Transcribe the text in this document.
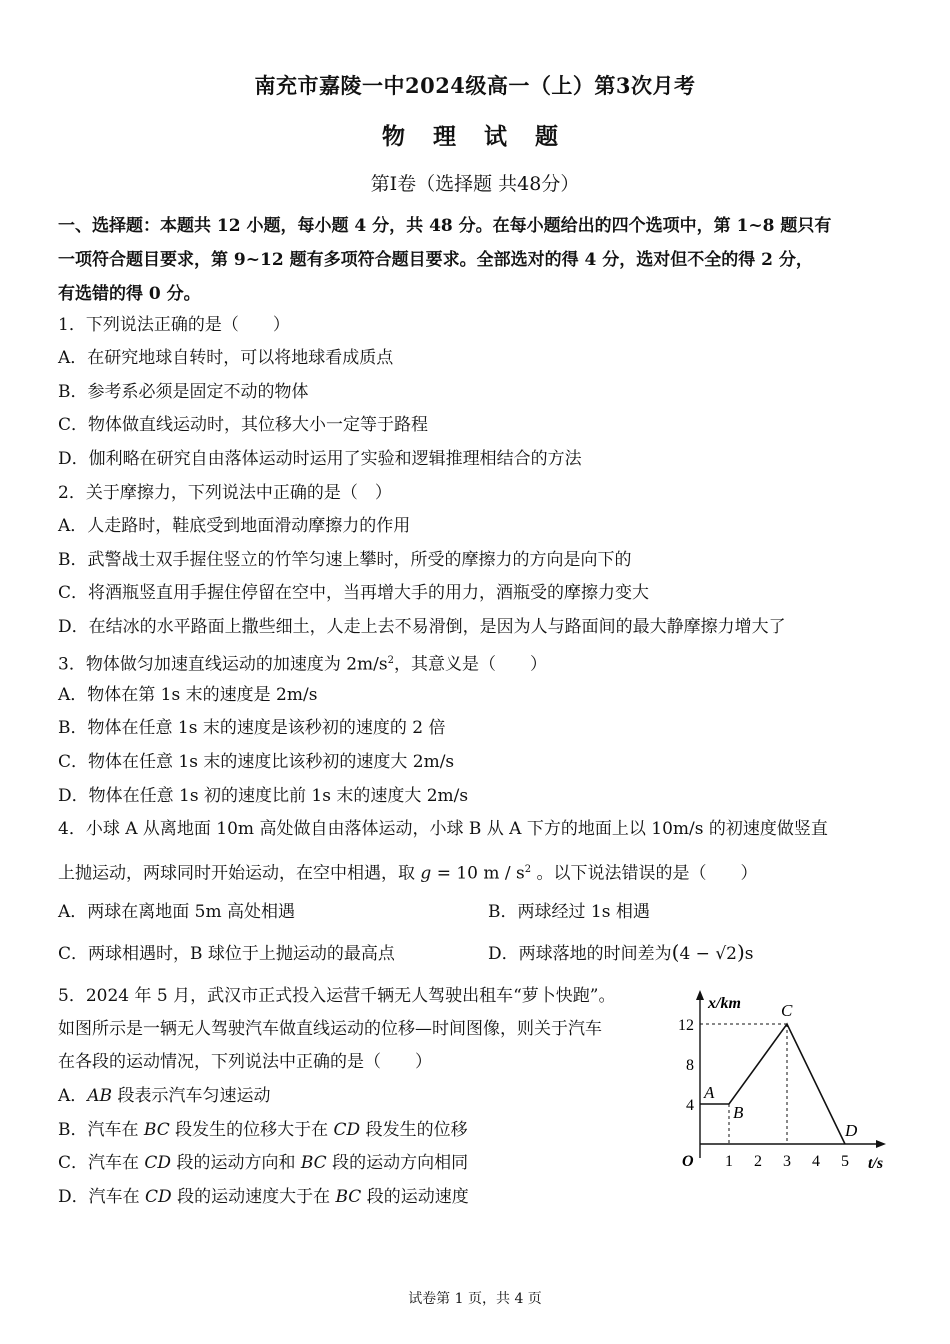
南充市嘉陵一中2024级高一（上）第3次月考
物 理 试 题
第Ⅰ卷（选择题 共48分）
一、选择题：本题共 12 小题，每小题 4 分，共 48 分。在每小题给出的四个选项中，第 1~8 题只有
一项符合题目要求，第 9~12 题有多项符合题目要求。全部选对的得 4 分，选对但不全的得 2 分，
有选错的得 0 分。
1．下列说法正确的是（　　）
A．在研究地球自转时，可以将地球看成质点
B．参考系必须是固定不动的物体
C．物体做直线运动时，其位移大小一定等于路程
D．伽利略在研究自由落体运动时运用了实验和逻辑推理相结合的方法
2．关于摩擦力，下列说法中正确的是（　）
A．人走路时，鞋底受到地面滑动摩擦力的作用
B．武警战士双手握住竖立的竹竿匀速上攀时，所受的摩擦力的方向是向下的
C．将酒瓶竖直用手握住停留在空中，当再增大手的用力，酒瓶受的摩擦力变大
D．在结冰的水平路面上撒些细土，人走上去不易滑倒，是因为人与路面间的最大静摩擦力增大了
3．物体做匀加速直线运动的加速度为 $2m/s^2$，其意义是（　　）
A．物体在第 1s 末的速度是 2m/s
B．物体在任意 1s 末的速度是该秒初的速度的 2 倍
C．物体在任意 1s 末的速度比该秒初的速度大 2m/s
D．物体在任意 1s 初的速度比前 1s 末的速度大 2m/s
4．小球 A 从离地面 10m 高处做自由落体运动，小球 B 从 A 下方的地面上以 10m/s 的初速度做竖直
上抛运动，两球同时开始运动，在空中相遇，取 g = 10 m / $s^2$ 。以下说法错误的是（　　）
A．两球在离地面 5m 高处相遇	B．两球经过 1s 相遇
C．两球相遇时，B 球位于上抛运动的最高点	D．两球落地的时间差为(4 − √2)s
5．2024 年 5 月，武汉市正式投入运营千辆无人驾驶出租车“萝卜快跑”。
如图所示是一辆无人驾驶汽车做直线运动的位移—时间图像，则关于汽车
在各段的运动情况，下列说法中正确的是（　　）
A．AB 段表示汽车匀速运动
B．汽车在 BC 段发生的位移大于在 CD 段发生的位移
C．汽车在 CD 段的运动方向和 BC 段的运动方向相同
D．汽车在 CD 段的运动速度大于在 BC 段的运动速度
x/km
t/s
O
4
8
12
1 2 3 4 5
A
B
C
D
试卷第 1 页，共 4 页
